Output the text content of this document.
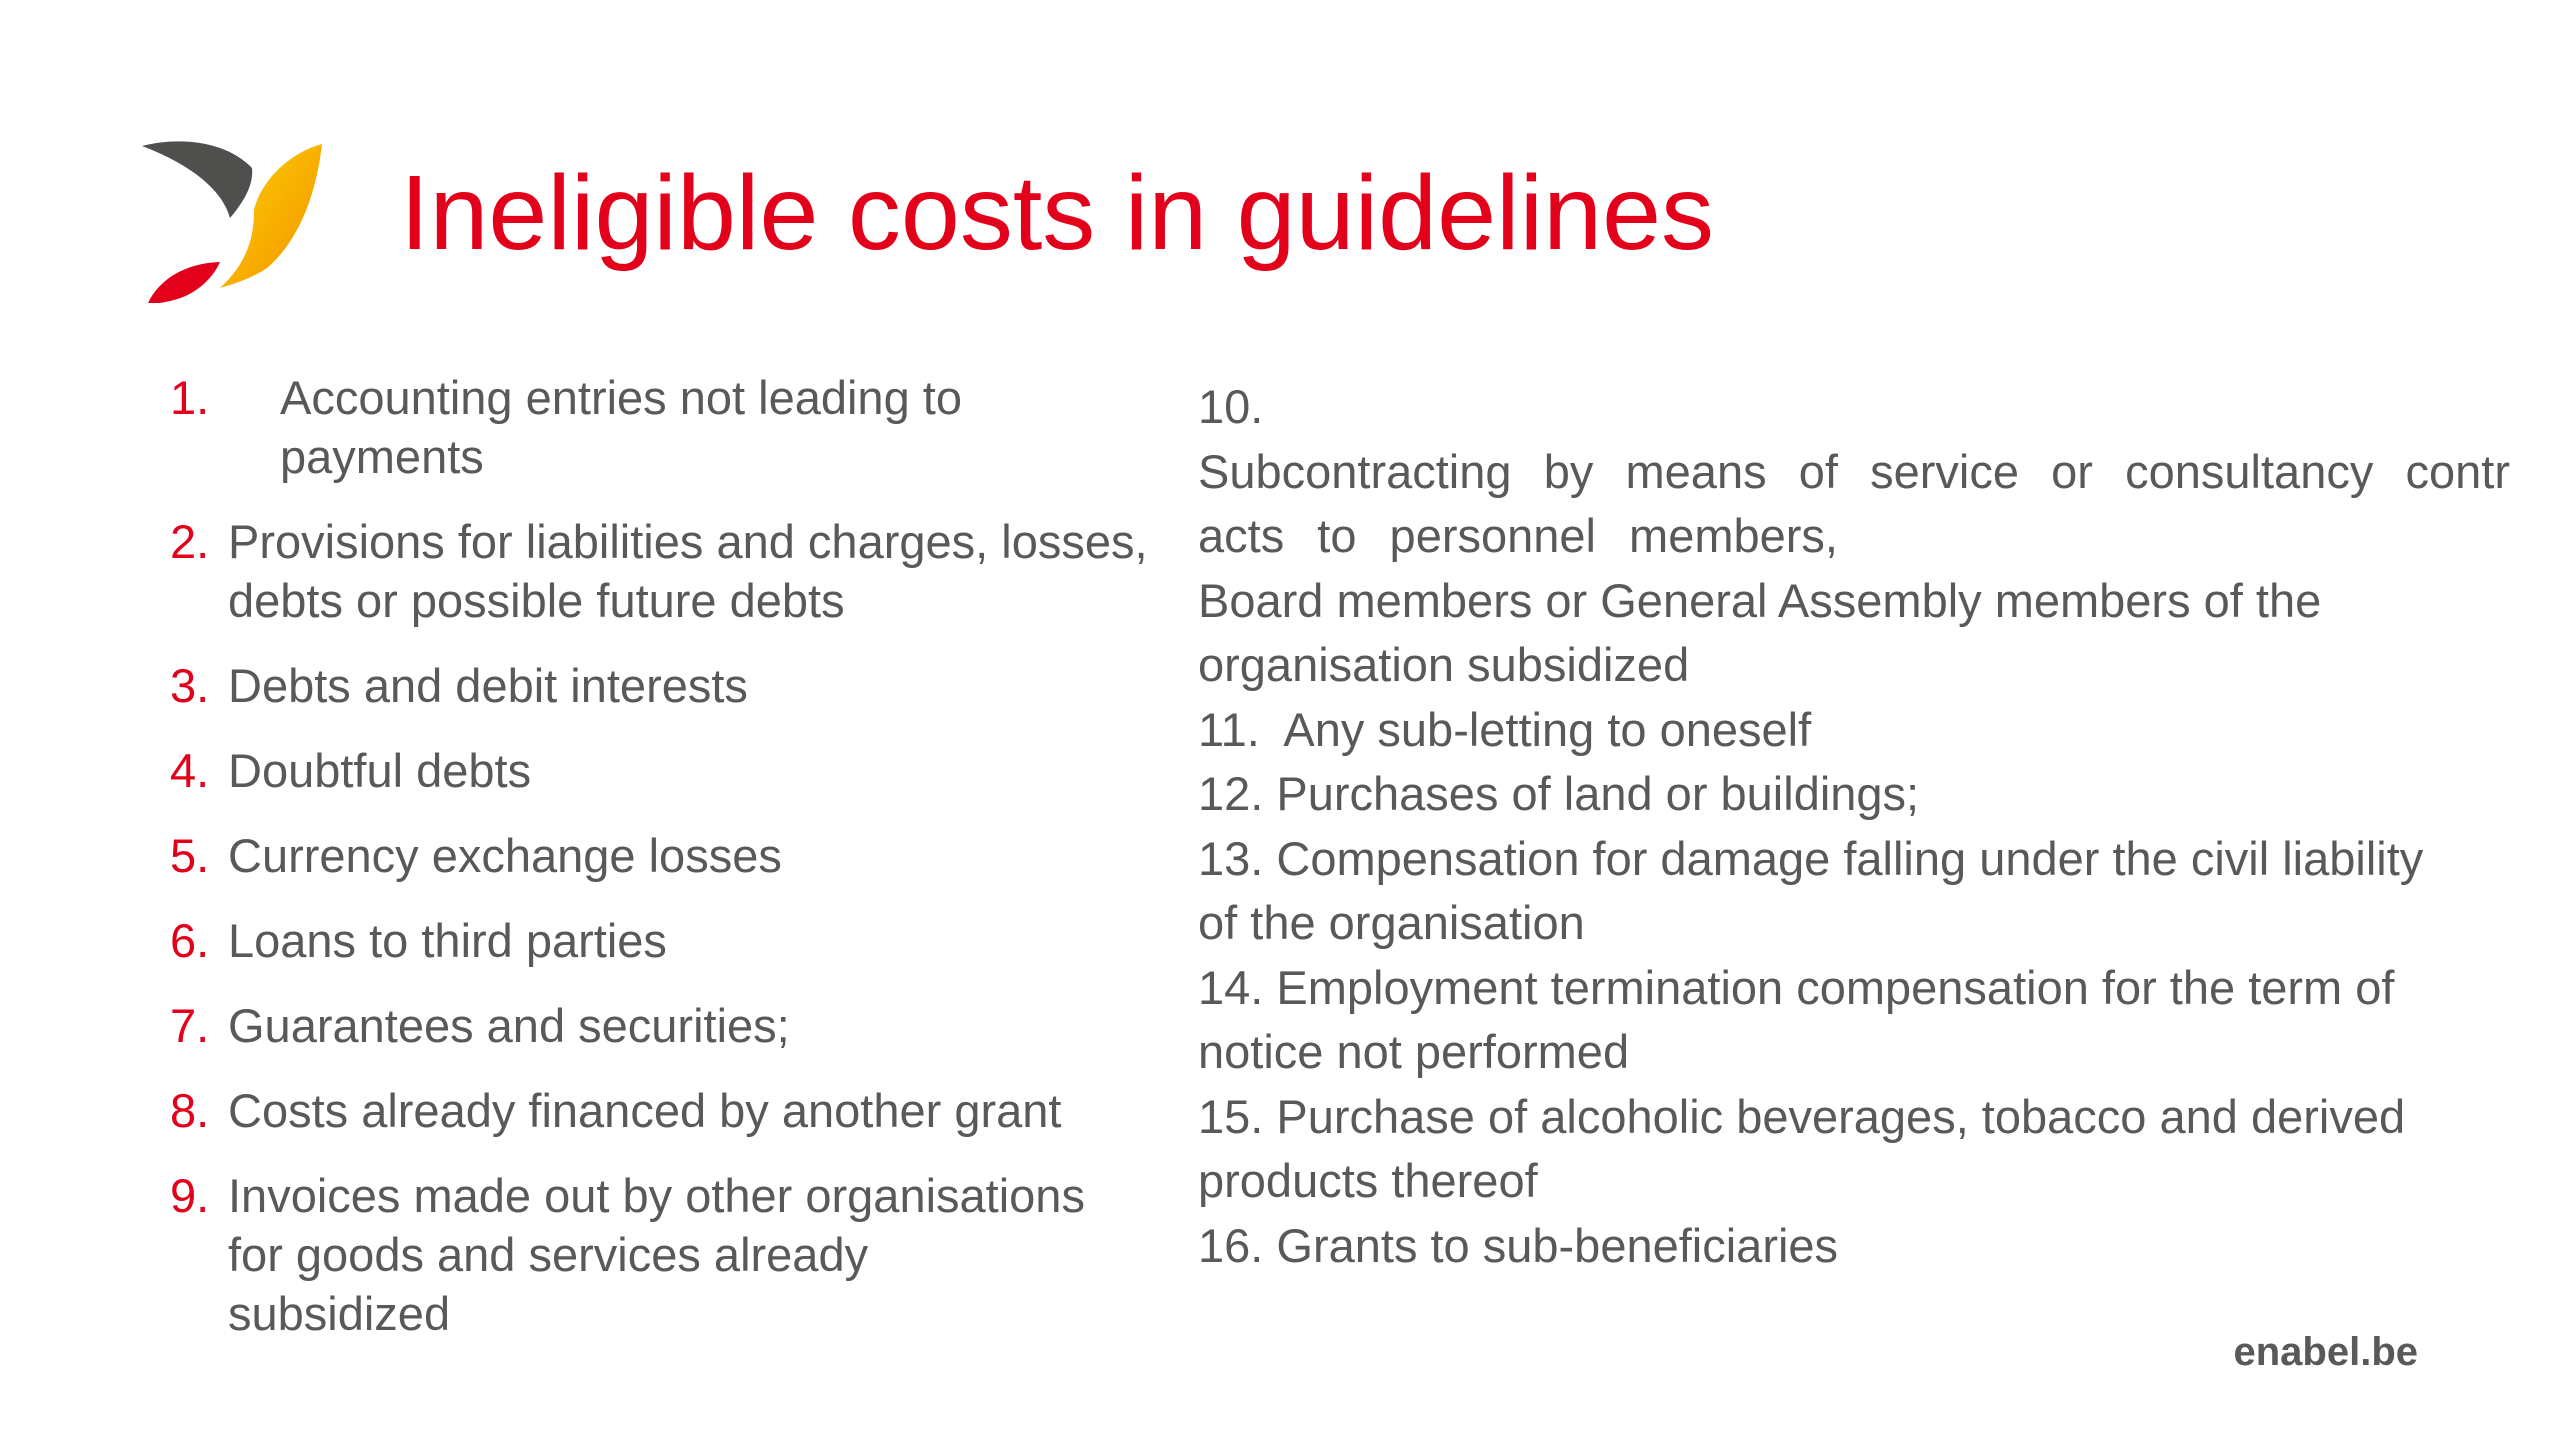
Ineligible costs in guidelines
1.	Accounting entries not leading to payments
2. Provisions for liabilities and charges, losses, debts or possible future debts
3. Debts and debit interests
4. Doubtful debts
5. Currency exchange losses
6. Loans to third parties
7. Guarantees and securities;
8. Costs already financed by another grant
9. Invoices made out by other organisations for goods and services already subsidized
10.
Subcontracting by means of service or consultancy contr
acts to personnel members,
Board members or General Assembly members of the
organisation subsidized
11.  Any sub-letting to oneself
12. Purchases of land or buildings;
13. Compensation for damage falling under the civil liability
of the organisation
14. Employment termination compensation for the term of
notice not performed
15. Purchase of alcoholic beverages, tobacco and derived
products thereof
16. Grants to sub-beneficiaries
enabel.be
